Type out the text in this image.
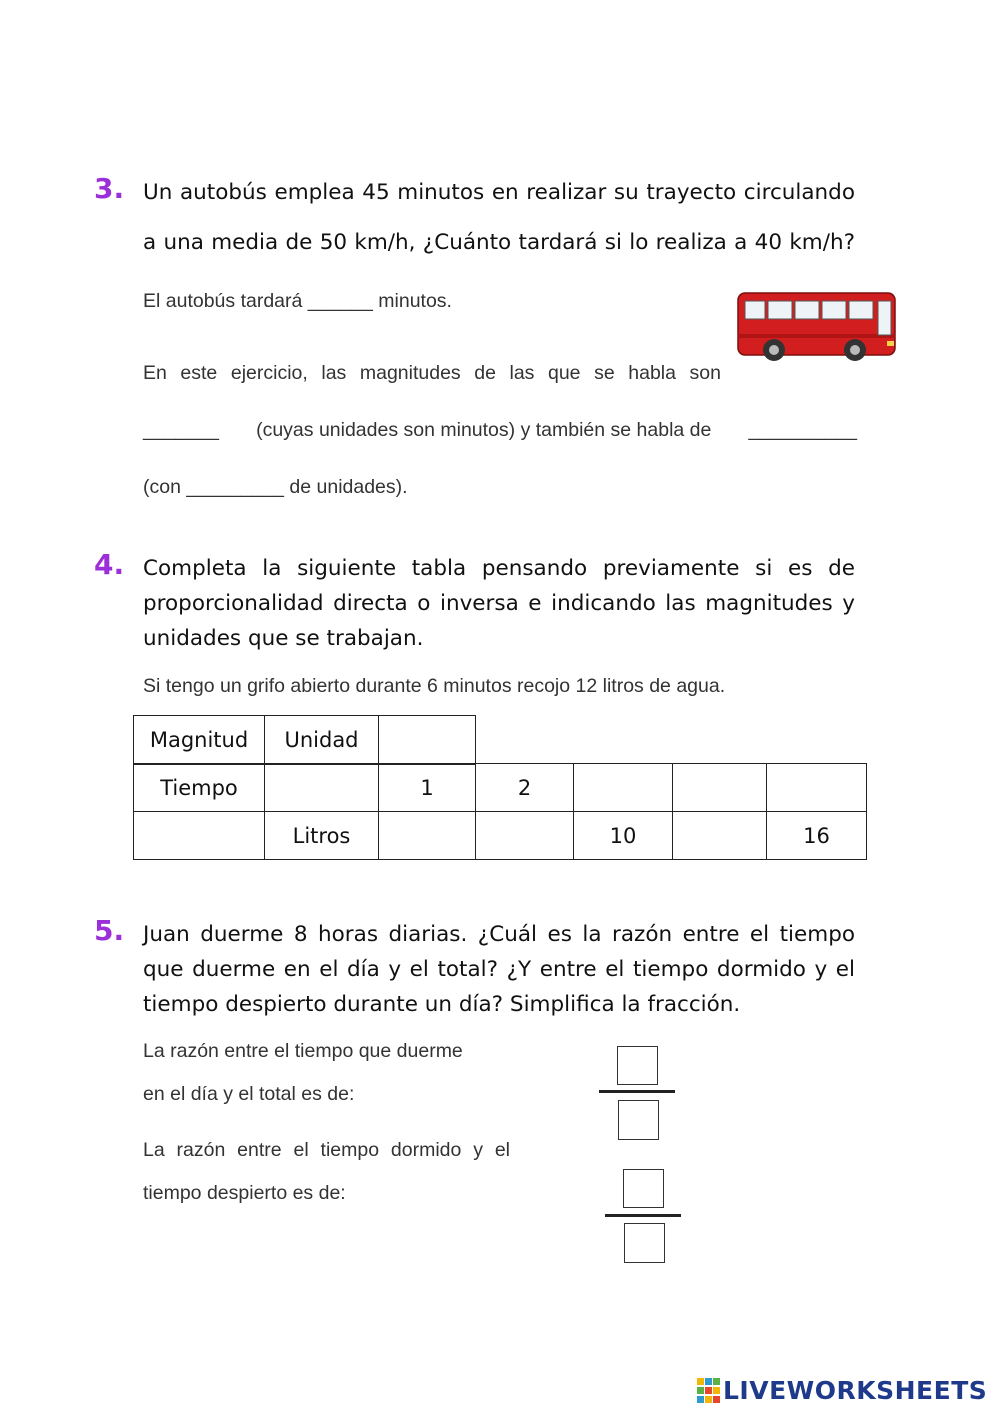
3. Un autobús emplea 45 minutos en realizar su trayecto circulando
a una media de 50 km/h, ¿Cuánto tardará si lo realiza a 40 km/h?
El autobús tardará ______ minutos.
En este ejercicio, las magnitudes de las que se habla son
_______ (cuyas unidades son minutos) y también se habla de __________
(con _________ de unidades).
4. Completa la siguiente tabla pensando previamente si es de
proporcionalidad directa o inversa e indicando las magnitudes y
unidades que se trabajan.
Si tengo un grifo abierto durante 6 minutos recojo 12 litros de agua.
Magnitud	Unidad	
Tiempo		1	2			
	Litros			10		16
5. Juan duerme 8 horas diarias. ¿Cuál es la razón entre el tiempo
que duerme en el día y el total? ¿Y entre el tiempo dormido y el
tiempo despierto durante un día? Simplifica la fracción.
La razón entre el tiempo que duerme
en el día y el total es de:
La razón entre el tiempo dormido y el
tiempo despierto es de:
LIVEWORKSHEETS
